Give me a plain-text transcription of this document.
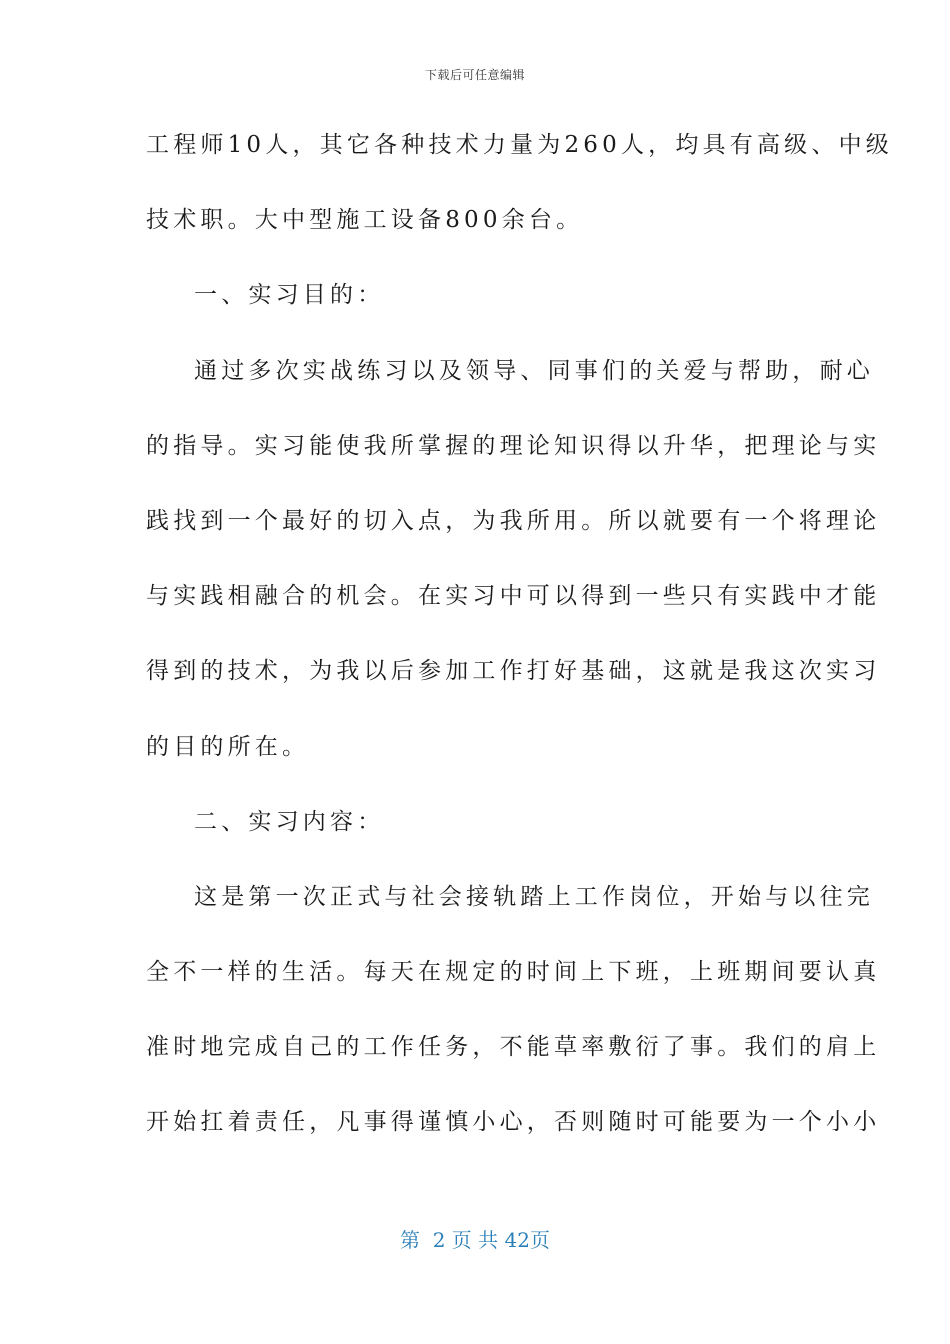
下载后可任意编辑
工程师10人，其它各种技术力量为260人，均具有高级、中级
技术职。大中型施工设备800余台。
一、实习目的：
通过多次实战练习以及领导、同事们的关爱与帮助，耐心
的指导。实习能使我所掌握的理论知识得以升华，把理论与实
践找到一个最好的切入点，为我所用。所以就要有一个将理论
与实践相融合的机会。在实习中可以得到一些只有实践中才能
得到的技术，为我以后参加工作打好基础，这就是我这次实习
的目的所在。
二、实习内容：
这是第一次正式与社会接轨踏上工作岗位，开始与以往完
全不一样的生活。每天在规定的时间上下班，上班期间要认真
准时地完成自己的工作任务，不能草率敷衍了事。我们的肩上
开始扛着责任，凡事得谨慎小心，否则随时可能要为一个小小
第  2 页 共 42页
